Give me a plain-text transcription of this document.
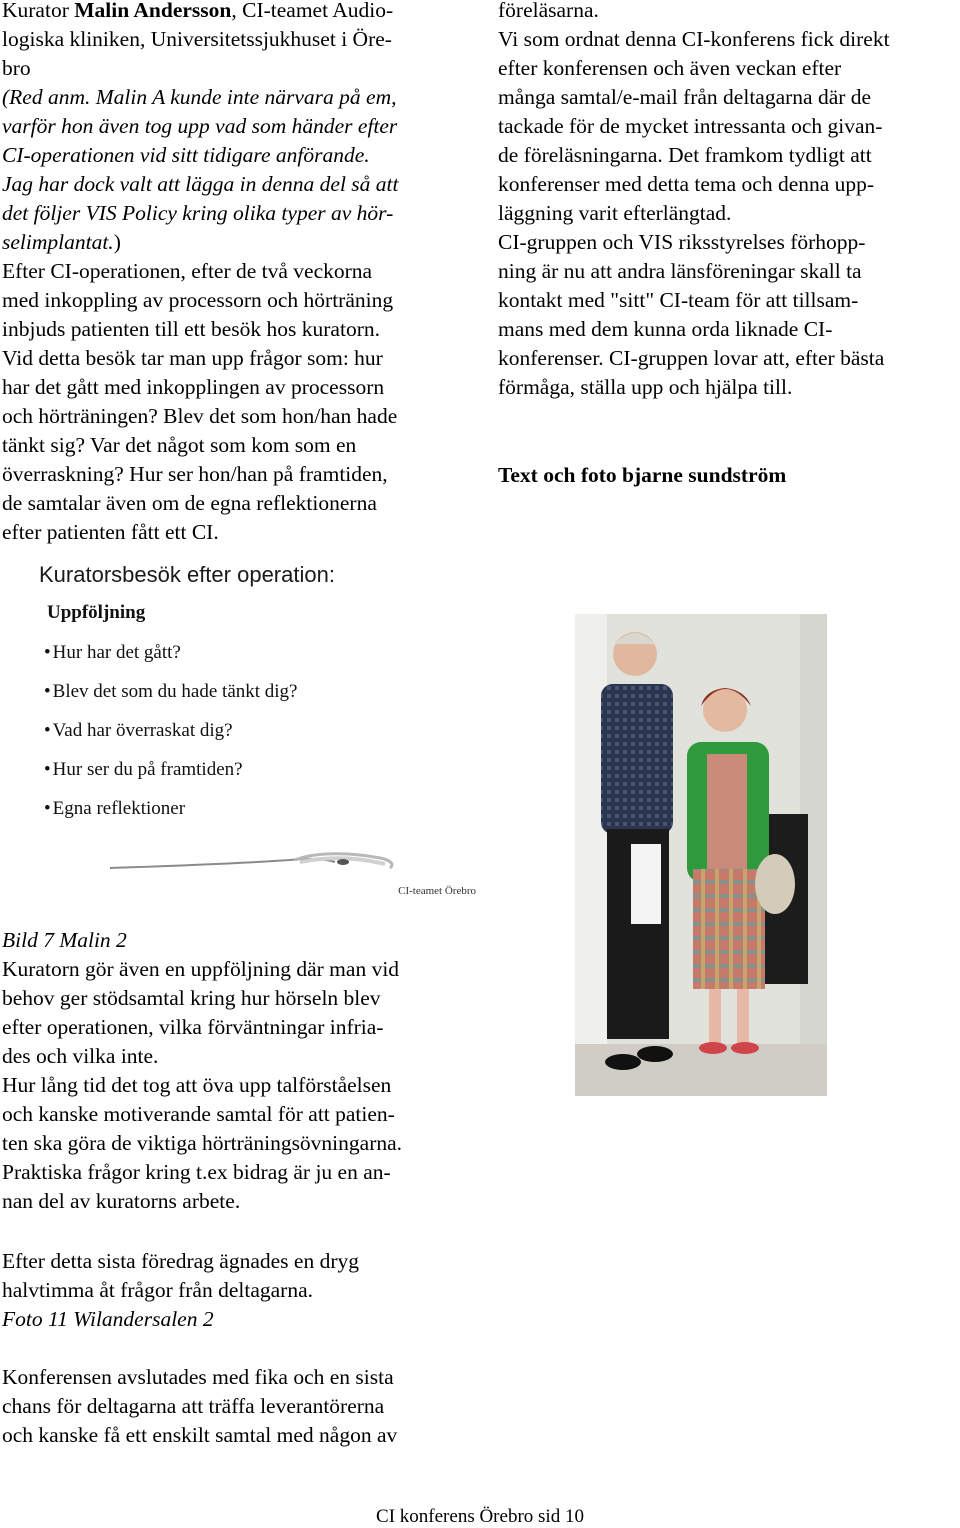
Kurator Malin Andersson, CI-teamet Audio-
logiska kliniken, Universitetssjukhuset i Öre-
bro
(Red anm. Malin A kunde inte närvara på em,
varför hon även tog upp vad som händer efter
CI-operationen vid sitt tidigare anförande.
Jag har dock valt att lägga in denna del så att
det följer VIS Policy kring olika typer av hör-
selimplantat.)
Efter CI-operationen, efter de två veckorna
med inkoppling av processorn och hörträning
inbjuds patienten till ett besök hos kuratorn.
Vid detta besök tar man upp frågor som: hur
har det gått med inkopplingen av processorn
och hörträningen? Blev det som hon/han hade
tänkt sig? Var det något som kom som en
överraskning? Hur ser hon/han på framtiden,
de samtalar även om de egna reflektionerna
efter patienten fått ett CI.
Bild 7 Malin 2
Kuratorn gör även en uppföljning där man vid
behov ger stödsamtal kring hur hörseln blev
efter operationen, vilka förväntningar infria-
des och vilka inte.
Hur lång tid det tog att öva upp talförståelsen
och kanske motiverande samtal för att patien-
ten ska göra de viktiga hörträningsövningarna.
Praktiska frågor kring t.ex bidrag är ju en an-
nan del av kuratorns arbete.
Efter detta sista föredrag ägnades en dryg
halvtimma åt frågor från deltagarna.
Foto 11 Wilandersalen 2
Konferensen avslutades med fika och en sista
chans för deltagarna att träffa leverantörerna
och kanske få ett enskilt samtal med någon av
Kuratorsbesök efter operation:
Uppföljning
• Hur har det gått?
• Blev det som du hade tänkt dig?
• Vad har överraskat dig?
• Hur ser du på framtiden?
• Egna reflektioner
CI-teamet Örebro
föreläsarna.
Vi som ordnat denna CI-konferens fick direkt
efter konferensen och även veckan efter
många samtal/e-mail från deltagarna där de
tackade för de mycket intressanta och givan-
de föreläsningarna. Det framkom tydligt att
konferenser med detta tema och denna upp-
läggning varit efterlängtad.
CI-gruppen och VIS riksstyrelses förhopp-
ning är nu att andra länsföreningar skall ta
kontakt med "sitt" CI-team för att tillsam-
mans med dem kunna orda liknade CI-
konferenser. CI-gruppen lovar att, efter bästa
förmåga, ställa upp och hjälpa till.
Text och foto bjarne sundström
CI konferens Örebro sid 10
